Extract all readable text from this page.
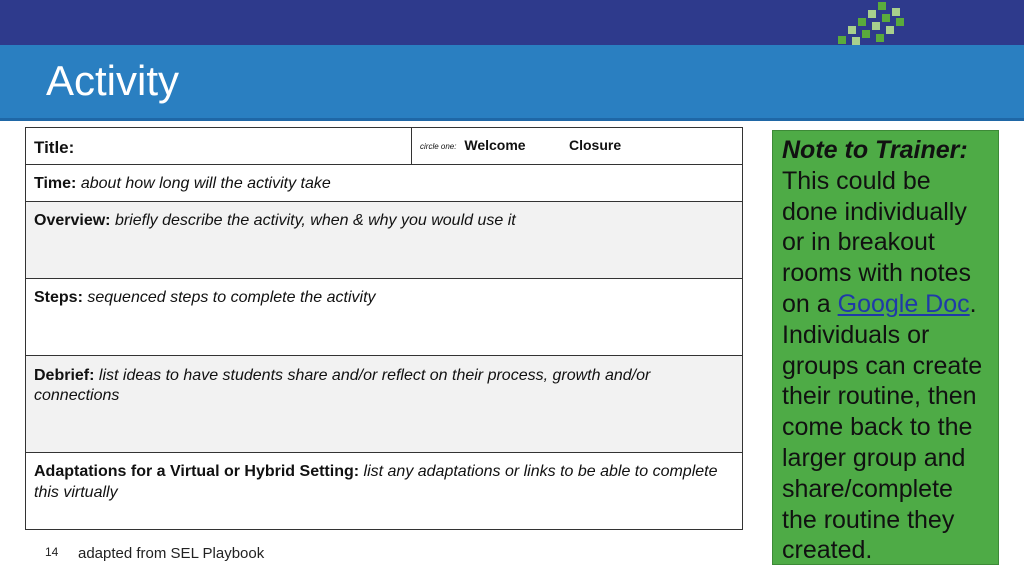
Activity
Title:	circle one: Welcome	Closure
Time: about how long will the activity take
Overview: briefly describe the activity, when & why you would use it
Steps: sequenced steps to complete the activity
Debrief: list ideas to have students share and/or reflect on their process, growth and/or connections
Adaptations for a Virtual or Hybrid Setting: list any adaptations or links to be able to complete this virtually
Note to Trainer:
This could be done individually or in breakout rooms with notes on a Google Doc. Individuals or groups can create their routine, then come back to the larger group and share/complete the routine they created.
14 adapted from SEL Playbook
